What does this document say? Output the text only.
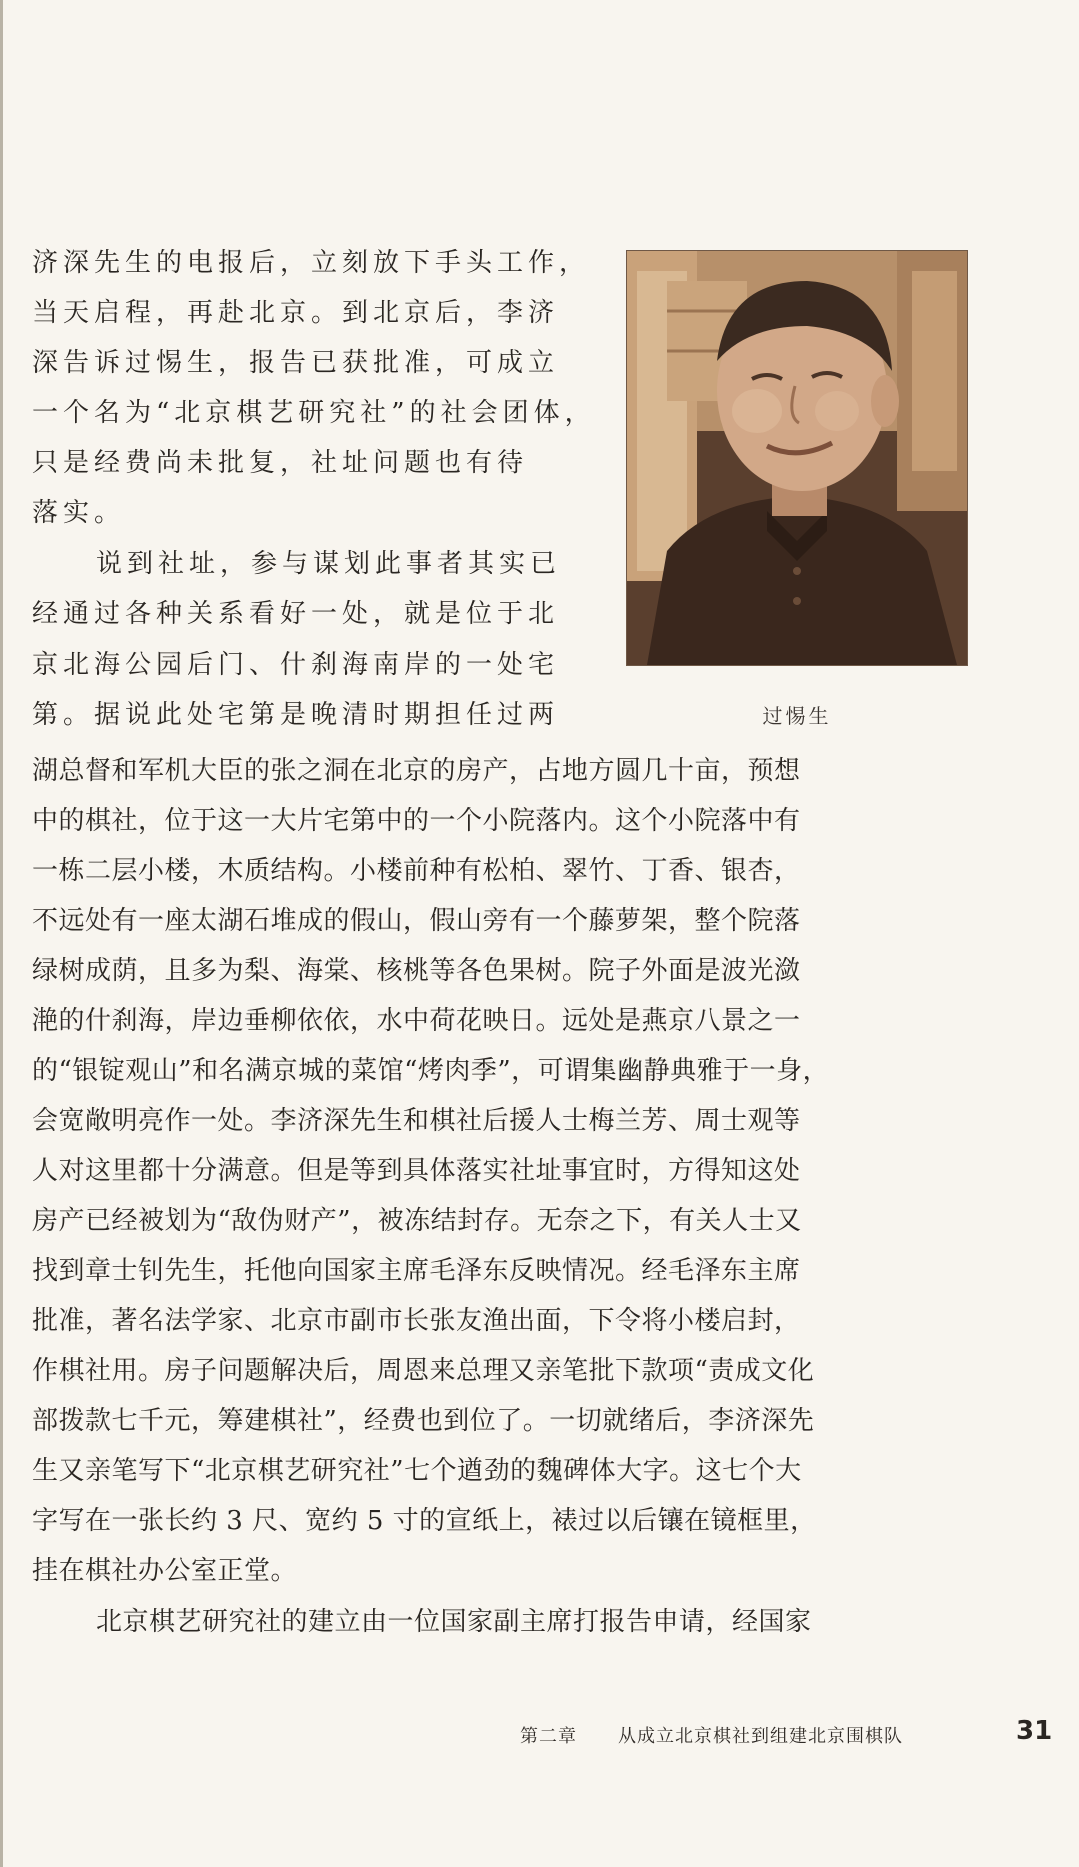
过惕生
济深先生的电报后，立刻放下手头工作，
当天启程，再赴北京。到北京后，李济
深告诉过惕生，报告已获批准，可成立
一个名为“北京棋艺研究社”的社会团体，
只是经费尚未批复，社址问题也有待
落实。
说到社址，参与谋划此事者其实已
经通过各种关系看好一处，就是位于北
京北海公园后门、什刹海南岸的一处宅
第。据说此处宅第是晚清时期担任过两
湖总督和军机大臣的张之洞在北京的房产，占地方圆几十亩，预想
中的棋社，位于这一大片宅第中的一个小院落内。这个小院落中有
一栋二层小楼，木质结构。小楼前种有松柏、翠竹、丁香、银杏，
不远处有一座太湖石堆成的假山，假山旁有一个藤萝架，整个院落
绿树成荫，且多为梨、海棠、核桃等各色果树。院子外面是波光潋
滟的什刹海，岸边垂柳依依，水中荷花映日。远处是燕京八景之一
的“银锭观山”和名满京城的菜馆“烤肉季”，可谓集幽静典雅于一身，
会宽敞明亮作一处。李济深先生和棋社后援人士梅兰芳、周士观等
人对这里都十分满意。但是等到具体落实社址事宜时，方得知这处
房产已经被划为“敌伪财产”，被冻结封存。无奈之下，有关人士又
找到章士钊先生，托他向国家主席毛泽东反映情况。经毛泽东主席
批准，著名法学家、北京市副市长张友渔出面，下令将小楼启封，
作棋社用。房子问题解决后，周恩来总理又亲笔批下款项“责成文化
部拨款七千元，筹建棋社”，经费也到位了。一切就绪后，李济深先
生又亲笔写下“北京棋艺研究社”七个遒劲的魏碑体大字。这七个大
字写在一张长约 3 尺、宽约 5 寸的宣纸上，裱过以后镶在镜框里，
挂在棋社办公室正堂。
北京棋艺研究社的建立由一位国家副主席打报告申请，经国家
第二章 从成立北京棋社到组建北京围棋队	31
